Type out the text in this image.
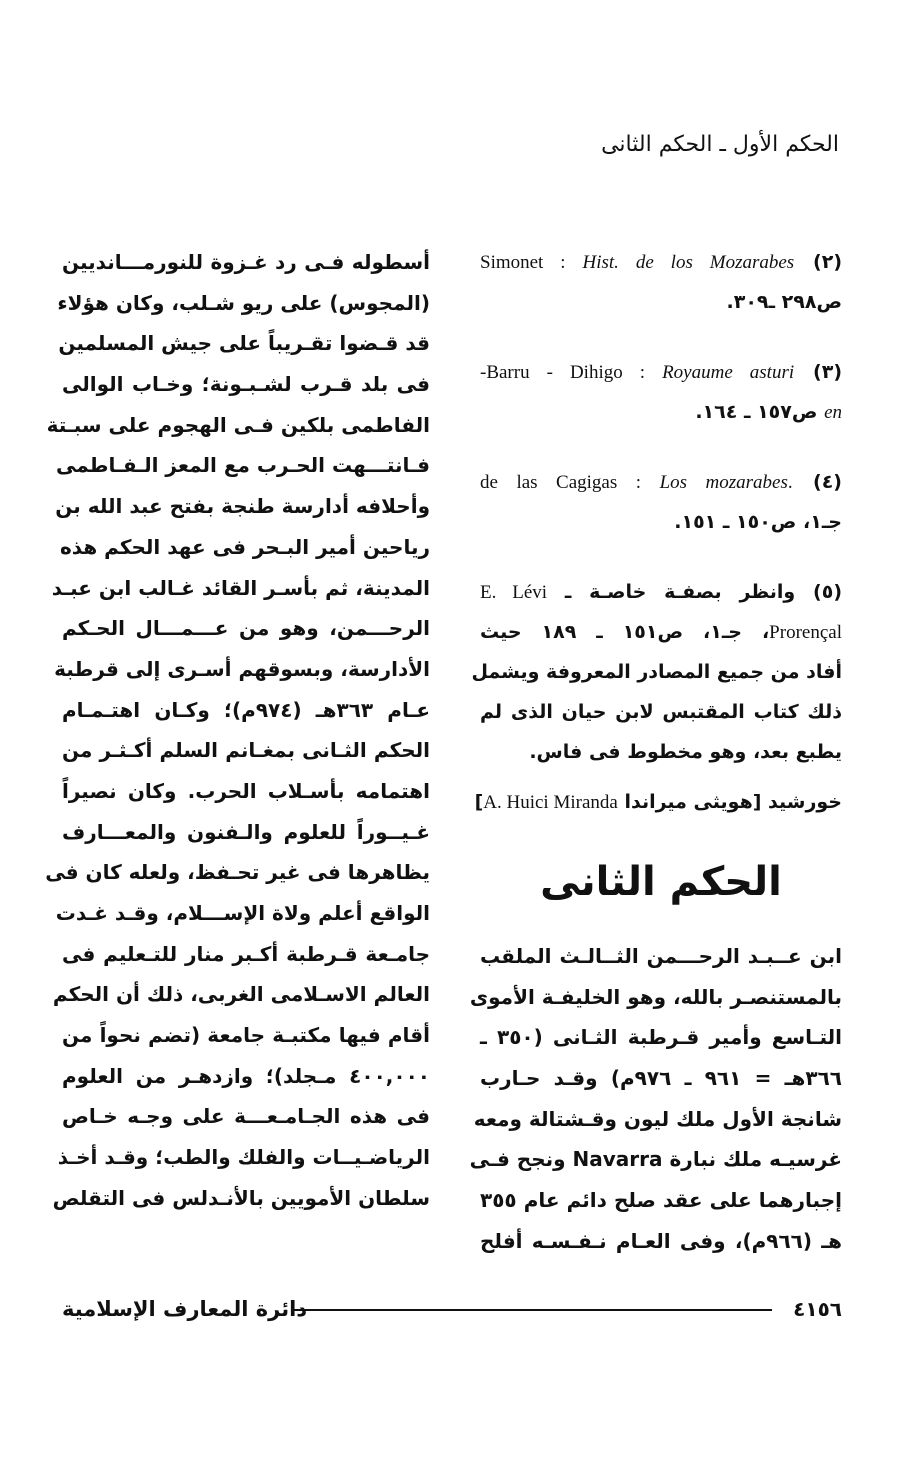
الحكم الأول ـ الحكم الثانى
أسطوله فـى رد غـزوة للنورمـــانديين
(المجوس) على ريو شـلب، وكان هؤلاء
قد قـضوا تقـريباً على جيش المسلمين
فى بلد قـرب لشـبـونة؛ وخـاب الوالى
الفاطمى بلكين فـى الهجوم على سبـتة
فـانتـــهت الحـرب مع المعز الـفـاطمى
وأحلافه أدارسة طنجة بفتح عبد الله بن
رياحين أمير البـحر فى عهد الحكم هذه
المدينة، ثم بأسـر القائد غـالب ابن عبـد
الرحـــمن، وهو من عـــمـــال الحـكم
الأدارسة، وبسوقهم أسـرى إلى قرطبة
عـام ٣٦٣هـ (٩٧٤م)؛ وكـان اهتـمـام
الحكم الثـانى بمغـانم السلم أكـثـر من
اهتمامه بأسـلاب الحرب. وكان نصيراً
غـيــوراً للعلوم والـفنون والمعـــارف
يظاهرها فى غير تحـفظ، ولعله كان فى
الواقع أعلم ولاة الإســـلام، وقـد غـدت
جامـعة قـرطبة أكـبر منار للتـعليم فى
العالم الاسـلامى الغربى، ذلك أن الحكم
أقام فيها مكتبـة جامعة (تضم نحواً من
٤٠٠,٠٠٠ مـجلد)؛ وازدهـر من العلوم
فى هذه الجـامـعـــة على وجـه خـاص
الرياضـيــات والفلك والطب؛ وقـد أخـذ
سلطان الأمويين بالأنـدلس فى التقلص
(٢) Simonet : Hist. de los Mozarabes
ص٢٩٨ ـ٣٠٩.
(٣) Barru - Dihigo : Royaume asturi-
en ص١٥٧ ـ ١٦٤.
(٤) .de las Cagigas : Los mozarabes
جـ١، ص١٥٠ ـ ١٥١.
(٥) وانظر بصفـة خاصـة ـ E. Lévi
Prorençal، جـ١، ص١٥١ ـ ١٨٩ حيث
أفاد من جميع المصادر المعروفة ويشمل
ذلك كتاب المقتبس لابن حيان الذى لم
يطبع بعد، وهو مخطوط فى فاس.
خورشيد [هويثى ميراندا A. Huici Miranda]
الحكم الثانى
ابن عــبـد الرحـــمن الثــالـث الملقب
بالمستنصـر بالله، وهو الخليفـة الأموى
التـاسع وأمير قـرطبة الثـانى (٣٥٠ ـ
٣٦٦هـ = ٩٦١ ـ ٩٧٦م) وقـد حـارب
شانجة الأول ملك ليون وقـشتالة ومعه
غرسيـه ملك نبارة Navarra ونجح فـى
إجبارهما على عقد صلح دائم عام ٣٥٥
هـ (٩٦٦م)، وفى العـام نـفـسـه أفلح
٤١٥٦
دائرة المعارف الإسلامية
